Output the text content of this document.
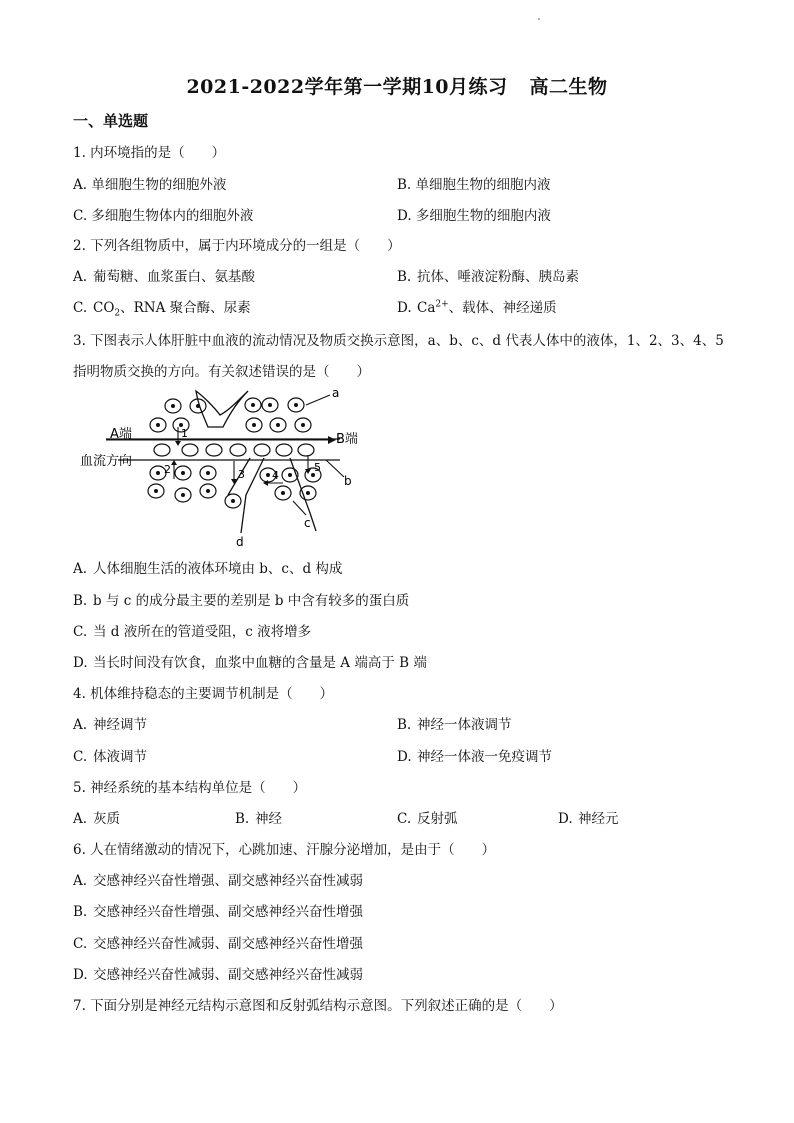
2021-2022学年第一学期10月练习 高二生物
一、单选题
1. 内环境指的是（　　）
A. 单细胞生物的细胞外液	B. 单细胞生物的细胞内液
C. 多细胞生物体内的细胞外液	D. 多细胞生物的细胞内液
2. 下列各组物质中，属于内环境成分的一组是（　　）
A. 葡萄糖、血浆蛋白、氨基酸	B. 抗体、唾液淀粉酶、胰岛素
C. $CO_2$、RNA 聚合酶、尿素	D. $Ca^{2+}$、载体、神经递质
3. 下图表示人体肝脏中血液的流动情况及物质交换示意图，a、b、c、d 代表人体中的液体，1、2、3、4、5
指明物质交换的方向。有关叙述错误的是（　　）
A端	B端
血流方向
a
b
c
d
1
2	3 4
5
A. 人体细胞生活的液体环境由 b、c、d 构成
B. b 与 c 的成分最主要的差别是 b 中含有较多的蛋白质
C. 当 d 液所在的管道受阻，c 液将增多
D. 当长时间没有饮食，血浆中血糖的含量是 A 端高于 B 端
4. 机体维持稳态的主要调节机制是（　　）
A. 神经调节	B. 神经一体液调节
C. 体液调节	D. 神经一体液一免疫调节
5. 神经系统的基本结构单位是（　　）
A. 灰质	B. 神经	C. 反射弧	D. 神经元
6. 人在情绪激动的情况下，心跳加速、汗腺分泌增加，是由于（　　）
A. 交感神经兴奋性增强、副交感神经兴奋性减弱
B. 交感神经兴奋性增强、副交感神经兴奋性增强
C. 交感神经兴奋性减弱、副交感神经兴奋性增强
D. 交感神经兴奋性减弱、副交感神经兴奋性减弱
7. 下面分别是神经元结构示意图和反射弧结构示意图。下列叙述正确的是（　　）
